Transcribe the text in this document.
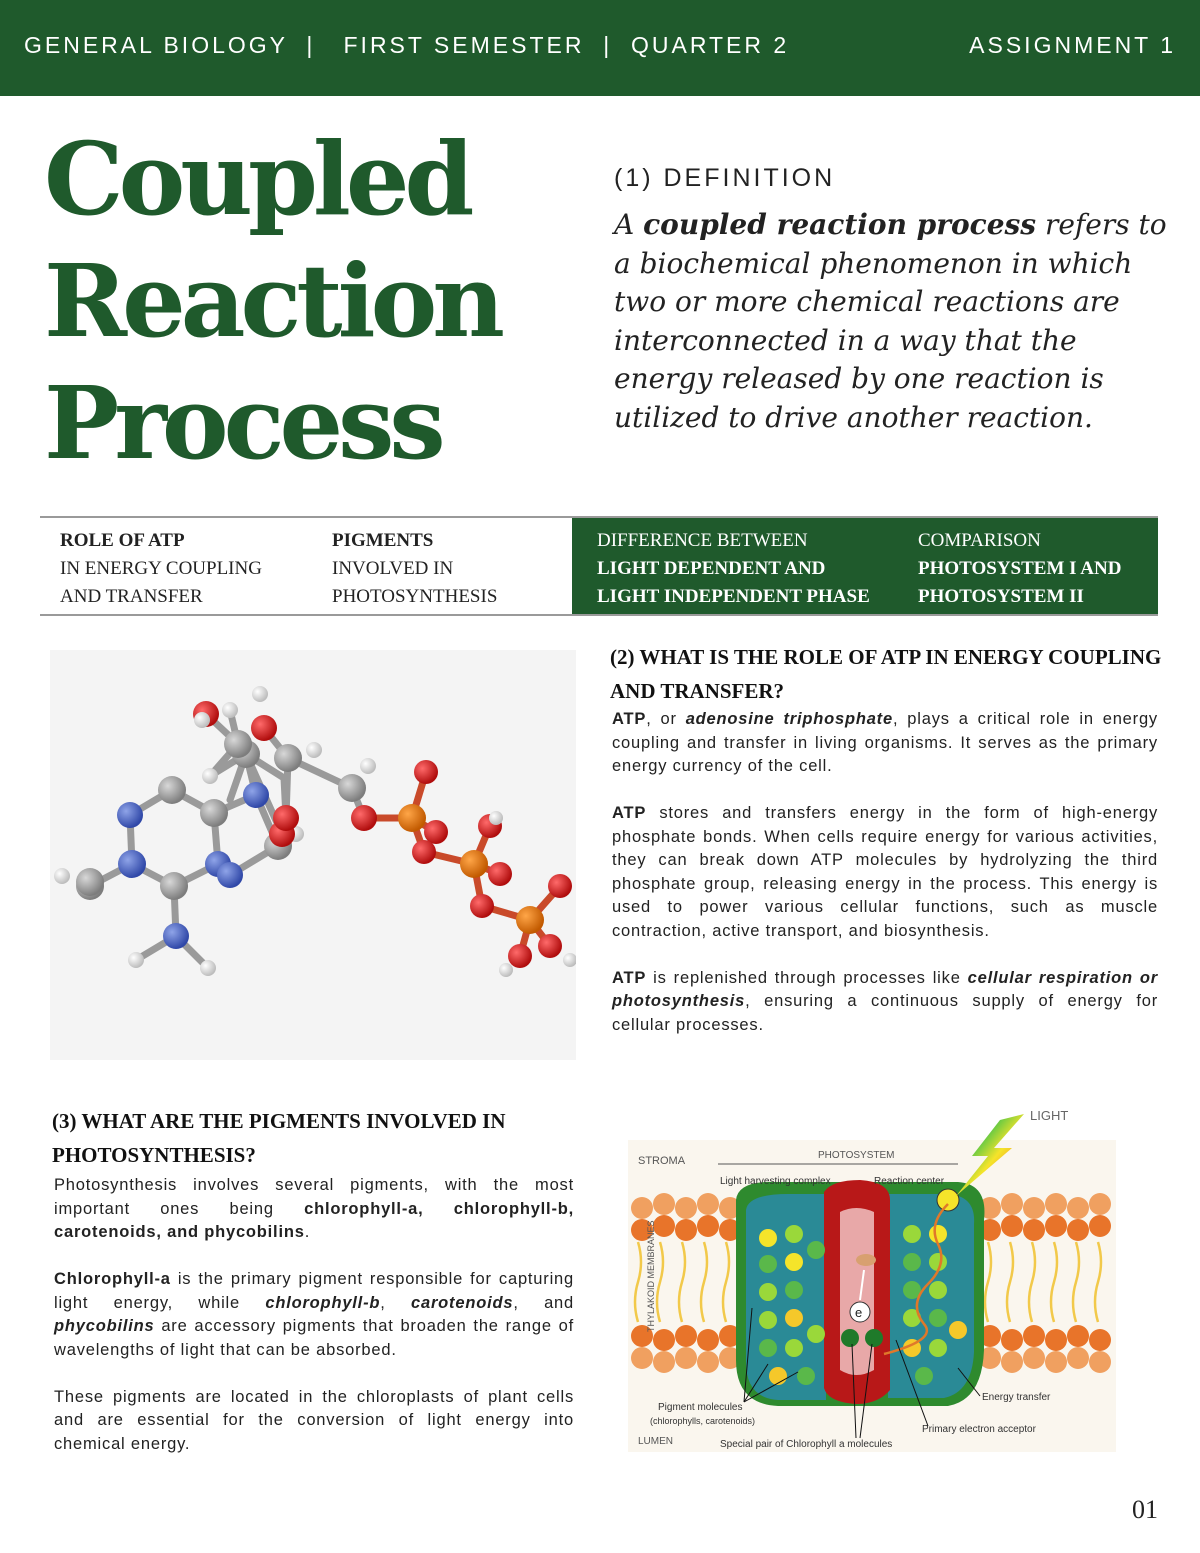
GENERAL BIOLOGY  |   FIRST SEMESTER  |  QUARTER 2	ASSIGNMENT 1
Coupled
Reaction
Process
(1) DEFINITION
A coupled reaction process refers to a biochemical phenomenon in which two or more chemical reactions are interconnected in a way that the energy released by one reaction is utilized to drive another reaction.
ROLE OF ATP
IN ENERGY COUPLING
AND TRANSFER
PIGMENTS
INVOLVED IN
PHOTOSYNTHESIS
DIFFERENCE BETWEEN
LIGHT DEPENDENT AND
LIGHT INDEPENDENT PHASE
COMPARISON
PHOTOSYSTEM I AND
PHOTOSYSTEM II
(2) WHAT IS THE ROLE OF ATP IN ENERGY COUPLING AND TRANSFER?

ATP, or adenosine triphosphate, plays a critical role in energy coupling and transfer in living organisms. It serves as the primary energy currency of the cell.

ATP stores and transfers energy in the form of high-energy phosphate bonds. When cells require energy for various activities, they can break down ATP molecules by hydrolyzing the third phosphate group, releasing energy in the process. This energy is used to power various cellular functions, such as muscle contraction, active transport, and biosynthesis.

ATP is replenished through processes like cellular respiration or photosynthesis, ensuring a continuous supply of energy for cellular processes.

(3) WHAT ARE THE PIGMENTS INVOLVED IN PHOTOSYNTHESIS?

Photosynthesis involves several pigments, with the most important ones being chlorophyll-a, chlorophyll-b, carotenoids, and phycobilins.

Chlorophyll-a is the primary pigment responsible for capturing light energy, while chlorophyll-b, carotenoids, and phycobilins are accessory pigments that broaden the range of wavelengths of light that can be absorbed.

These pigments are located in the chloroplasts of plant cells and are essential for the conversion of light energy into chemical energy.

e
LIGHT
STROMA	PHOTOSYSTEM
Light harvesting complex	Reaction center
THYLAKOID MEMBRANES
Pigment molecules
(chlorophylls, carotenoids)
Energy transfer
Primary electron acceptor
LUMEN	Special pair of Chlorophyll a molecules
01
